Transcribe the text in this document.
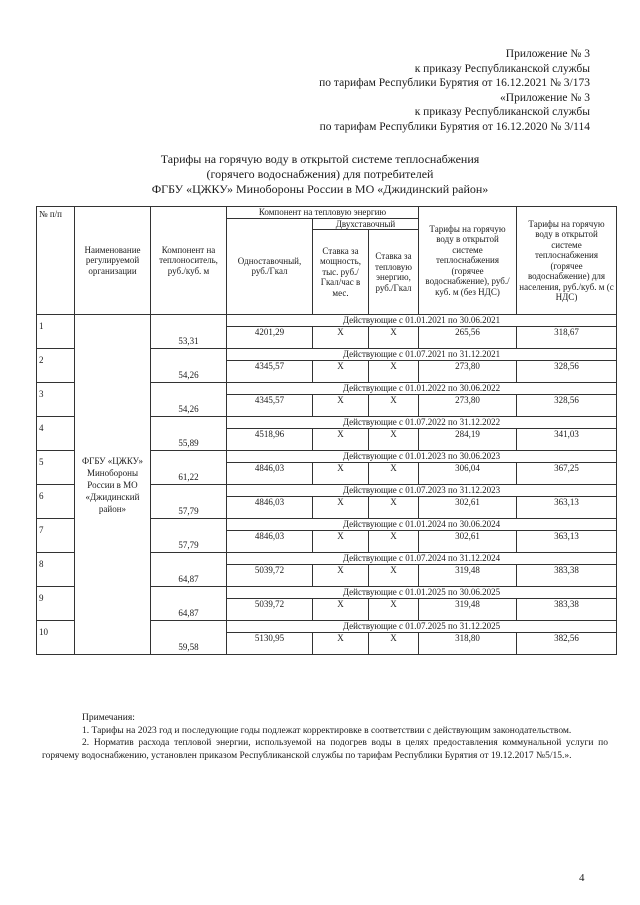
Приложение № 3
к приказу Республиканской службы
по тарифам Республики Бурятия от 16.12.2021 № 3/173
«Приложение № 3
к приказу Республиканской службы
по тарифам Республики Бурятия от 16.12.2020 № 3/114
Тарифы на горячую воду в открытой системе теплоснабжения
(горячего водоснабжения) для потребителей
ФГБУ «ЦЖКУ» Минобороны России в МО «Джидинский район»
№ п/п	Наименование регулируемой организации	Компонент на теплоноситель, руб./куб. м	Компонент на тепловую энергию			Тарифы на горячую воду в открытой системе теплоснабжения (горячее водоснабжение), руб./куб. м (без НДС)	Тарифы на горячую воду в открытой системе теплоснабжения (горячее водоснабжение) для населения, руб./куб. м (с НДС)
			Одноставочный, руб./Гкал	Двухставочный			
				Ставка за мощность, тыс. руб./Гкал/час в мес.	Ставка за тепловую энергию, руб./Гкал		
1	ФГБУ «ЦЖКУ» Минобороны России в МО «Джидинский район»		Действующие с 01.01.2021 по 30.06.2021				
		53,31	4201,29	X	X	265,56	318,67
2			Действующие с 01.07.2021 по 31.12.2021				
		54,26	4345,57	X	X	273,80	328,56
3			Действующие с 01.01.2022 по 30.06.2022				
		54,26	4345,57	X	X	273,80	328,56
4			Действующие с 01.07.2022 по 31.12.2022				
		55,89	4518,96	X	X	284,19	341,03
5			Действующие с 01.01.2023 по 30.06.2023				
		61,22	4846,03	X	X	306,04	367,25
6			Действующие с 01.07.2023 по 31.12.2023				
		57,79	4846,03	X	X	302,61	363,13
7			Действующие с 01.01.2024 по 30.06.2024				
		57,79	4846,03	X	X	302,61	363,13
8			Действующие с 01.07.2024 по 31.12.2024				
		64,87	5039,72	X	X	319,48	383,38
9			Действующие с 01.01.2025 по 30.06.2025				
		64,87	5039,72	X	X	319,48	383,38
10			Действующие с 01.07.2025 по 31.12.2025				
		59,58	5130,95	X	X	318,80	382,56
Примечания:

1. Тарифы на 2023 год и последующие годы подлежат корректировке в соответствии с действующим законодательством.

2. Норматив расхода тепловой энергии, используемой на подогрев воды в целях предоставления коммунальной услуги по горячему водоснабжению, установлен приказом Республиканской службы по тарифам Республики Бурятия от 19.12.2017 №5/15.».

4
